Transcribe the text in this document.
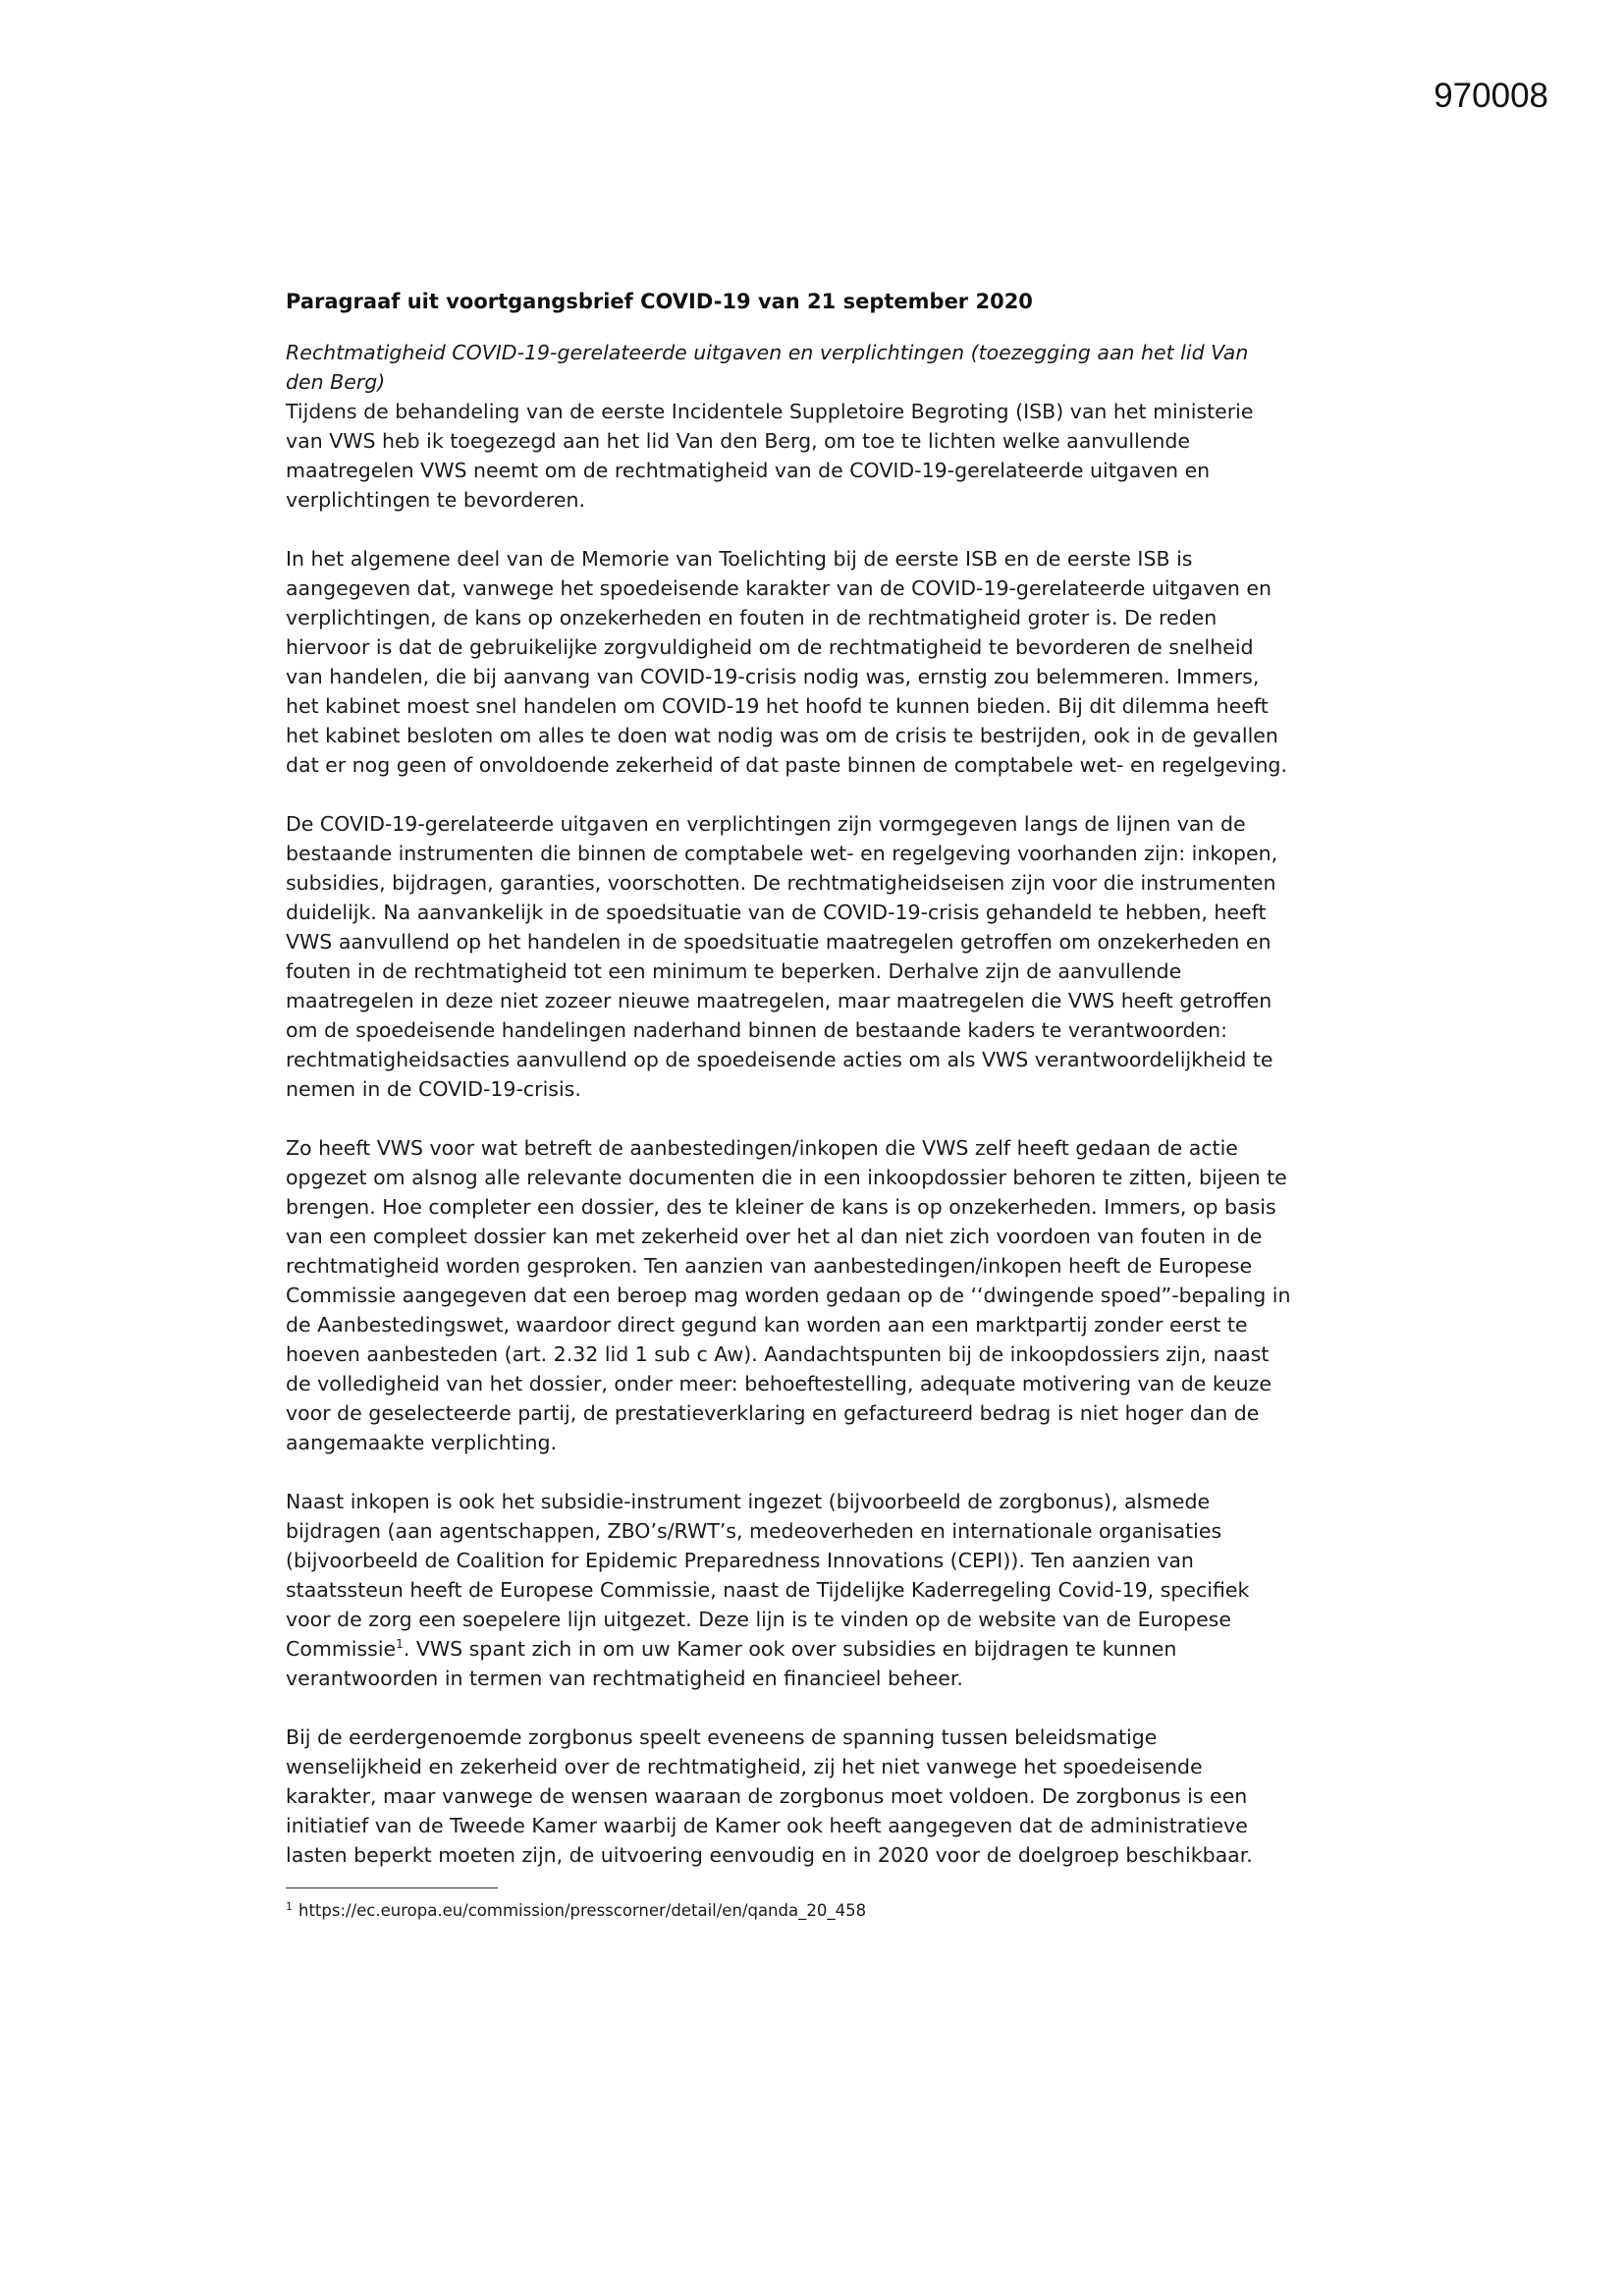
970008
Paragraaf uit voortgangsbrief COVID-19 van 21 september 2020
Rechtmatigheid COVID-19-gerelateerde uitgaven en verplichtingen (toezegging aan het lid Van
den Berg)
Tijdens de behandeling van de eerste Incidentele Suppletoire Begroting (ISB) van het ministerie
van VWS heb ik toegezegd aan het lid Van den Berg, om toe te lichten welke aanvullende
maatregelen VWS neemt om de rechtmatigheid van de COVID-19-gerelateerde uitgaven en
verplichtingen te bevorderen.
In het algemene deel van de Memorie van Toelichting bij de eerste ISB en de eerste ISB is
aangegeven dat, vanwege het spoedeisende karakter van de COVID-19-gerelateerde uitgaven en
verplichtingen, de kans op onzekerheden en fouten in de rechtmatigheid groter is. De reden
hiervoor is dat de gebruikelijke zorgvuldigheid om de rechtmatigheid te bevorderen de snelheid
van handelen, die bij aanvang van COVID-19-crisis nodig was, ernstig zou belemmeren. Immers,
het kabinet moest snel handelen om COVID-19 het hoofd te kunnen bieden. Bij dit dilemma heeft
het kabinet besloten om alles te doen wat nodig was om de crisis te bestrijden, ook in de gevallen
dat er nog geen of onvoldoende zekerheid of dat paste binnen de comptabele wet- en regelgeving.
De COVID-19-gerelateerde uitgaven en verplichtingen zijn vormgegeven langs de lijnen van de
bestaande instrumenten die binnen de comptabele wet- en regelgeving voorhanden zijn: inkopen,
subsidies, bijdragen, garanties, voorschotten. De rechtmatigheidseisen zijn voor die instrumenten
duidelijk. Na aanvankelijk in de spoedsituatie van de COVID-19-crisis gehandeld te hebben, heeft
VWS aanvullend op het handelen in de spoedsituatie maatregelen getroffen om onzekerheden en
fouten in de rechtmatigheid tot een minimum te beperken. Derhalve zijn de aanvullende
maatregelen in deze niet zozeer nieuwe maatregelen, maar maatregelen die VWS heeft getroffen
om de spoedeisende handelingen naderhand binnen de bestaande kaders te verantwoorden:
rechtmatigheidsacties aanvullend op de spoedeisende acties om als VWS verantwoordelijkheid te
nemen in de COVID-19-crisis.
Zo heeft VWS voor wat betreft de aanbestedingen/inkopen die VWS zelf heeft gedaan de actie
opgezet om alsnog alle relevante documenten die in een inkoopdossier behoren te zitten, bijeen te
brengen. Hoe completer een dossier, des te kleiner de kans is op onzekerheden. Immers, op basis
van een compleet dossier kan met zekerheid over het al dan niet zich voordoen van fouten in de
rechtmatigheid worden gesproken. Ten aanzien van aanbestedingen/inkopen heeft de Europese
Commissie aangegeven dat een beroep mag worden gedaan op de ‘‘dwingende spoed”-bepaling in
de Aanbestedingswet, waardoor direct gegund kan worden aan een marktpartij zonder eerst te
hoeven aanbesteden (art. 2.32 lid 1 sub c Aw). Aandachtspunten bij de inkoopdossiers zijn, naast
de volledigheid van het dossier, onder meer: behoeftestelling, adequate motivering van de keuze
voor de geselecteerde partij, de prestatieverklaring en gefactureerd bedrag is niet hoger dan de
aangemaakte verplichting.
Naast inkopen is ook het subsidie-instrument ingezet (bijvoorbeeld de zorgbonus), alsmede
bijdragen (aan agentschappen, ZBO’s/RWT’s, medeoverheden en internationale organisaties
(bijvoorbeeld de Coalition for Epidemic Preparedness Innovations (CEPI)). Ten aanzien van
staatssteun heeft de Europese Commissie, naast de Tijdelijke Kaderregeling Covid-19, specifiek
voor de zorg een soepelere lijn uitgezet. Deze lijn is te vinden op de website van de Europese
Commissie$^1$. VWS spant zich in om uw Kamer ook over subsidies en bijdragen te kunnen
verantwoorden in termen van rechtmatigheid en financieel beheer.
Bij de eerdergenoemde zorgbonus speelt eveneens de spanning tussen beleidsmatige
wenselijkheid en zekerheid over de rechtmatigheid, zij het niet vanwege het spoedeisende
karakter, maar vanwege de wensen waaraan de zorgbonus moet voldoen. De zorgbonus is een
initiatief van de Tweede Kamer waarbij de Kamer ook heeft aangegeven dat de administratieve
lasten beperkt moeten zijn, de uitvoering eenvoudig en in 2020 voor de doelgroep beschikbaar.

$^1$ https://ec.europa.eu/commission/presscorner/detail/en/qanda_20_458
